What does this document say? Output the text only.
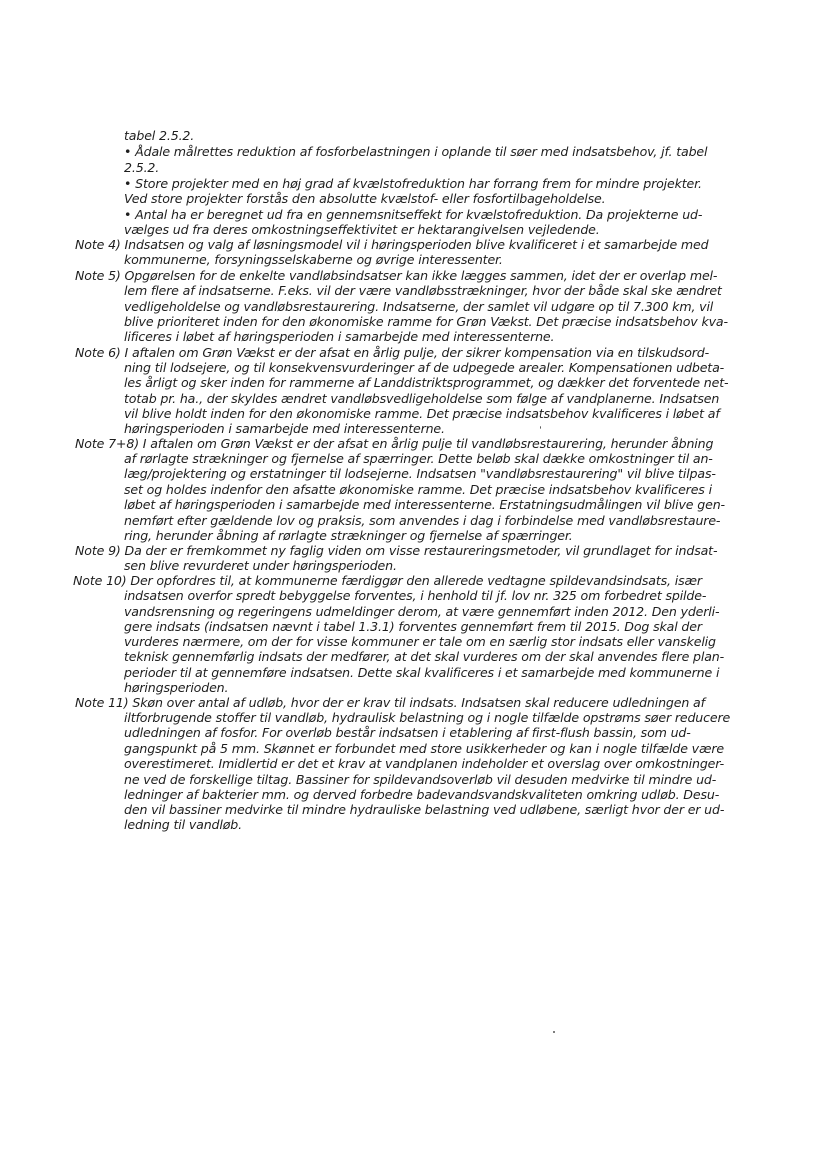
tabel 2.5.2.
• Ådale målrettes reduktion af fosforbelastningen i oplande til søer med indsatsbehov, jf. tabel
2.5.2.
• Store projekter med en høj grad af kvælstofreduktion har forrang frem for mindre projekter.
Ved store projekter forstås den absolutte kvælstof- eller fosfortilbageholdelse.
• Antal ha er beregnet ud fra en gennemsnitseffekt for kvælstofreduktion. Da projekterne ud-
vælges ud fra deres omkostningseffektivitet er hektarangivelsen vejledende.
Note 4) Indsatsen og valg af løsningsmodel vil i høringsperioden blive kvalificeret i et samarbejde med
kommunerne, forsyningsselskaberne og øvrige interessenter.
Note 5) Opgørelsen for de enkelte vandløbsindsatser kan ikke lægges sammen, idet der er overlap mel-
lem flere af indsatserne. F.eks. vil der være vandløbsstrækninger, hvor der både skal ske ændret
vedligeholdelse og vandløbsrestaurering. Indsatserne, der samlet vil udgøre op til 7.300 km, vil
blive prioriteret inden for den økonomiske ramme for Grøn Vækst. Det præcise indsatsbehov kva-
lificeres i løbet af høringsperioden i samarbejde med interessenterne.
Note 6) I aftalen om Grøn Vækst er der afsat en årlig pulje, der sikrer kompensation via en tilskudsord-
ning til lodsejere, og til konsekvensvurderinger af de udpegede arealer. Kompensationen udbeta-
les årligt og sker inden for rammerne af Landdistriktsprogrammet, og dækker det forventede net-
totab pr. ha., der skyldes ændret vandløbsvedligeholdelse som følge af vandplanerne. Indsatsen
vil blive holdt inden for den økonomiske ramme. Det præcise indsatsbehov kvalificeres i løbet af
høringsperioden i samarbejde med interessenterne.
Note 7+8) I aftalen om Grøn Vækst er der afsat en årlig pulje til vandløbsrestaurering, herunder åbning
af rørlagte strækninger og fjernelse af spærringer. Dette beløb skal dække omkostninger til an-
læg/projektering og erstatninger til lodsejerne. Indsatsen "vandløbsrestaurering" vil blive tilpas-
set og holdes indenfor den afsatte økonomiske ramme. Det præcise indsatsbehov kvalificeres i
løbet af høringsperioden i samarbejde med interessenterne. Erstatningsudmålingen vil blive gen-
nemført efter gældende lov og praksis, som anvendes i dag i forbindelse med vandløbsrestaure-
ring, herunder åbning af rørlagte strækninger og fjernelse af spærringer.
Note 9) Da der er fremkommet ny faglig viden om visse restaureringsmetoder, vil grundlaget for indsat-
sen blive revurderet under høringsperioden.
Note 10) Der opfordres til, at kommunerne færdiggør den allerede vedtagne spildevandsindsats, især
indsatsen overfor spredt bebyggelse forventes, i henhold til jf. lov nr. 325 om forbedret spilde-
vandsrensning og regeringens udmeldinger derom, at være gennemført inden 2012. Den yderli-
gere indsats (indsatsen nævnt i tabel 1.3.1) forventes gennemført frem til 2015. Dog skal der
vurderes nærmere, om der for visse kommuner er tale om en særlig stor indsats eller vanskelig
teknisk gennemførlig indsats der medfører, at det skal vurderes om der skal anvendes flere plan-
perioder til at gennemføre indsatsen. Dette skal kvalificeres i et samarbejde med kommunerne i
høringsperioden.
Note 11) Skøn over antal af udløb, hvor der er krav til indsats. Indsatsen skal reducere udledningen af
iltforbrugende stoffer til vandløb, hydraulisk belastning og i nogle tilfælde opstrøms søer reducere
udledningen af fosfor. For overløb består indsatsen i etablering af first-flush bassin, som ud-
gangspunkt på 5 mm. Skønnet er forbundet med store usikkerheder og kan i nogle tilfælde være
overestimeret. Imidlertid er det et krav at vandplanen indeholder et overslag over omkostninger-
ne ved de forskellige tiltag. Bassiner for spildevandsoverløb vil desuden medvirke til mindre ud-
ledninger af bakterier mm. og derved forbedre badevandsvandskvaliteten omkring udløb. Desu-
den vil bassiner medvirke til mindre hydrauliske belastning ved udløbene, særligt hvor der er ud-
ledning til vandløb.
